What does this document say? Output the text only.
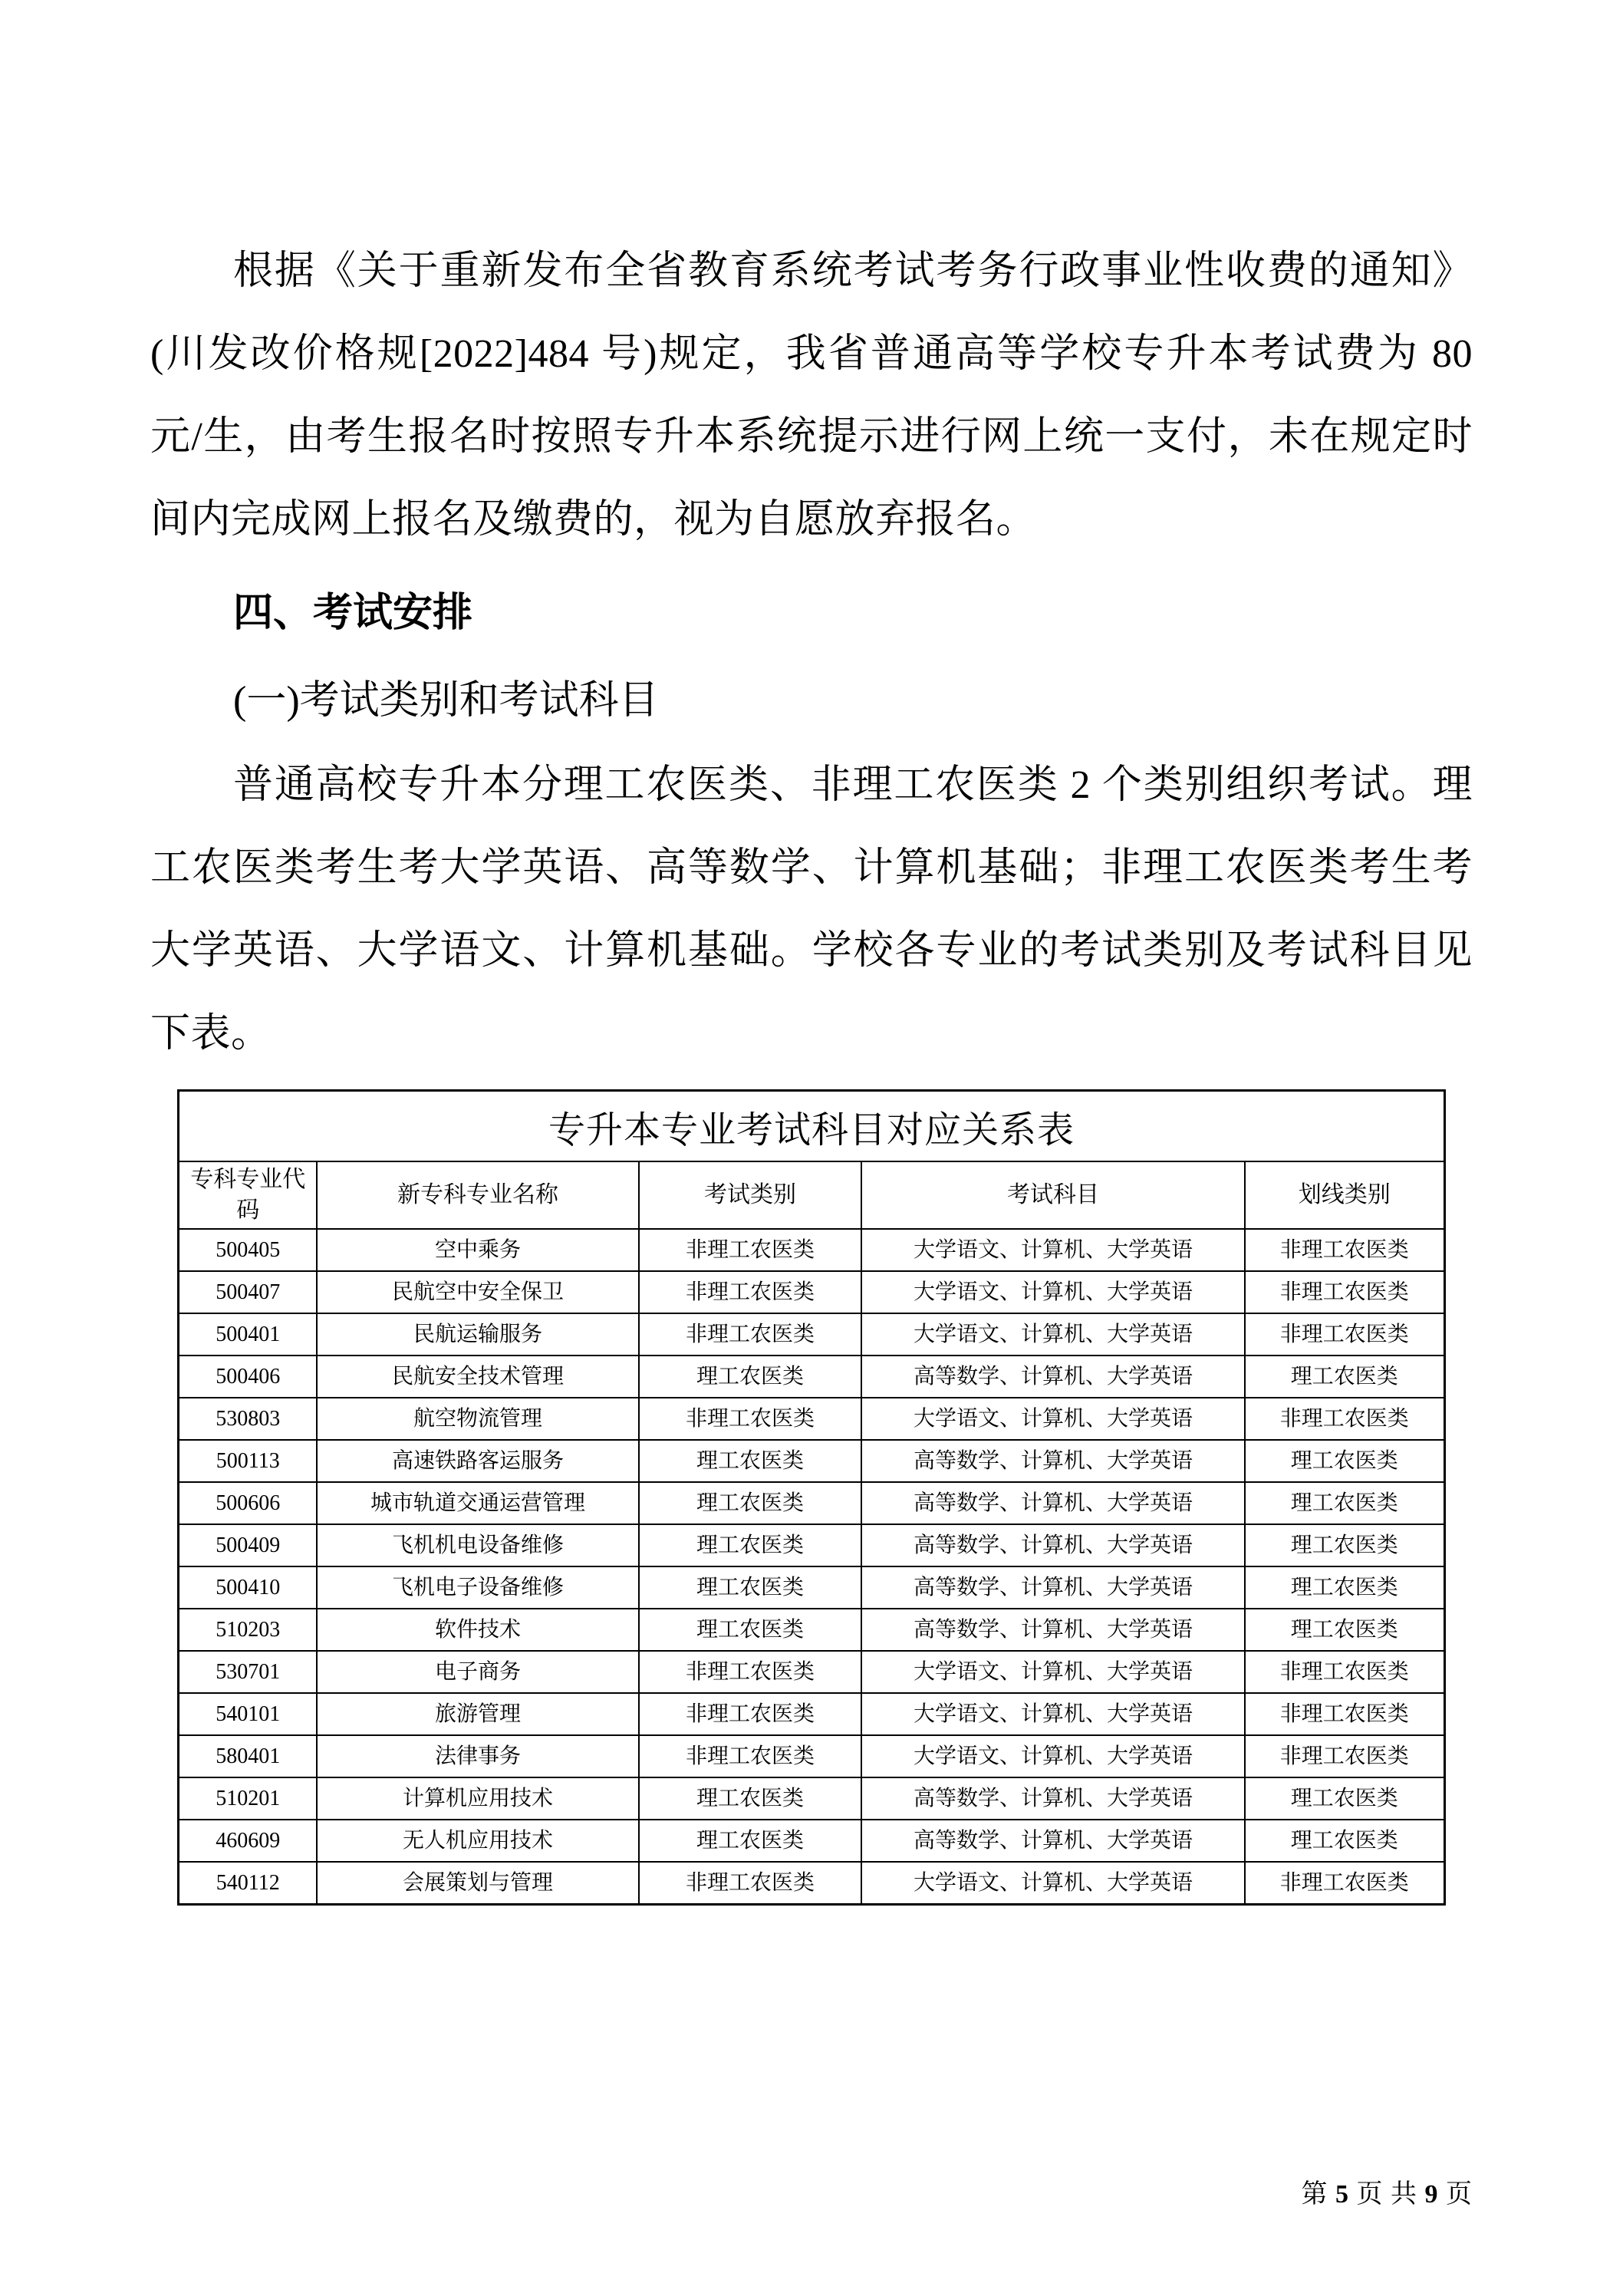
根据《关于重新发布全省教育系统考试考务行政事业性收费的通知》(川发改价格规[2022]484 号)规定，我省普通高等学校专升本考试费为 80 元/生，由考生报名时按照专升本系统提示进行网上统一支付，未在规定时间内完成网上报名及缴费的，视为自愿放弃报名。

四、考试安排
(一)考试类别和考试科目

普通高校专升本分理工农医类、非理工农医类 2 个类别组织考试。理工农医类考生考大学英语、高等数学、计算机基础；非理工农医类考生考大学英语、大学语文、计算机基础。学校各专业的考试类别及考试科目见下表。

专升本专业考试科目对应关系表				
专科专业代码	新专科专业名称	考试类别	考试科目	划线类别
500405	空中乘务	非理工农医类	大学语文、计算机、大学英语	非理工农医类
500407	民航空中安全保卫	非理工农医类	大学语文、计算机、大学英语	非理工农医类
500401	民航运输服务	非理工农医类	大学语文、计算机、大学英语	非理工农医类
500406	民航安全技术管理	理工农医类	高等数学、计算机、大学英语	理工农医类
530803	航空物流管理	非理工农医类	大学语文、计算机、大学英语	非理工农医类
500113	高速铁路客运服务	理工农医类	高等数学、计算机、大学英语	理工农医类
500606	城市轨道交通运营管理	理工农医类	高等数学、计算机、大学英语	理工农医类
500409	飞机机电设备维修	理工农医类	高等数学、计算机、大学英语	理工农医类
500410	飞机电子设备维修	理工农医类	高等数学、计算机、大学英语	理工农医类
510203	软件技术	理工农医类	高等数学、计算机、大学英语	理工农医类
530701	电子商务	非理工农医类	大学语文、计算机、大学英语	非理工农医类
540101	旅游管理	非理工农医类	大学语文、计算机、大学英语	非理工农医类
580401	法律事务	非理工农医类	大学语文、计算机、大学英语	非理工农医类
510201	计算机应用技术	理工农医类	高等数学、计算机、大学英语	理工农医类
460609	无人机应用技术	理工农医类	高等数学、计算机、大学英语	理工农医类
540112	会展策划与管理	非理工农医类	大学语文、计算机、大学英语	非理工农医类
第 5 页 共 9 页
